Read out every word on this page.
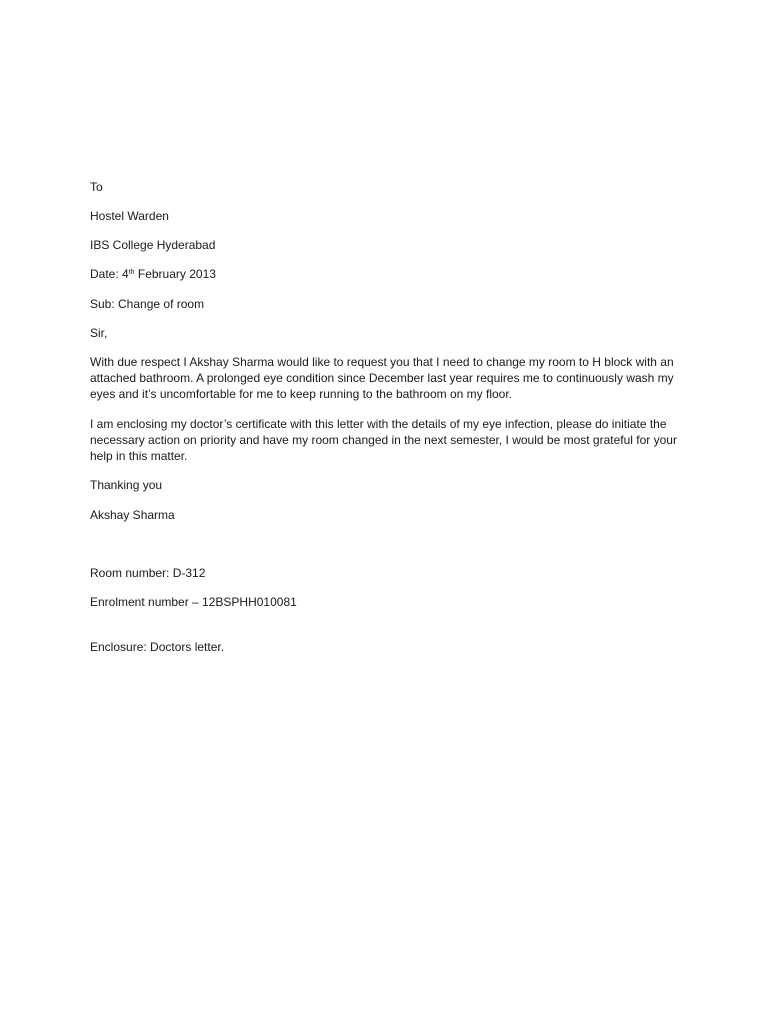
To

Hostel Warden

IBS College Hyderabad

Date: 4th February 2013

Sub: Change of room

Sir,

With due respect I Akshay Sharma would like to request you that I need to change my room to H block with an
attached bathroom. A prolonged eye condition since December last year requires me to continuously wash my
eyes and it’s uncomfortable for me to keep running to the bathroom on my floor.
I am enclosing my doctor’s certificate with this letter with the details of my eye infection, please do initiate the
necessary action on priority and have my room changed in the next semester, I would be most grateful for your
help in this matter.

Thanking you

Akshay Sharma

Room number: D-312

Enrolment number – 12BSPHH010081

Enclosure: Doctors letter.
